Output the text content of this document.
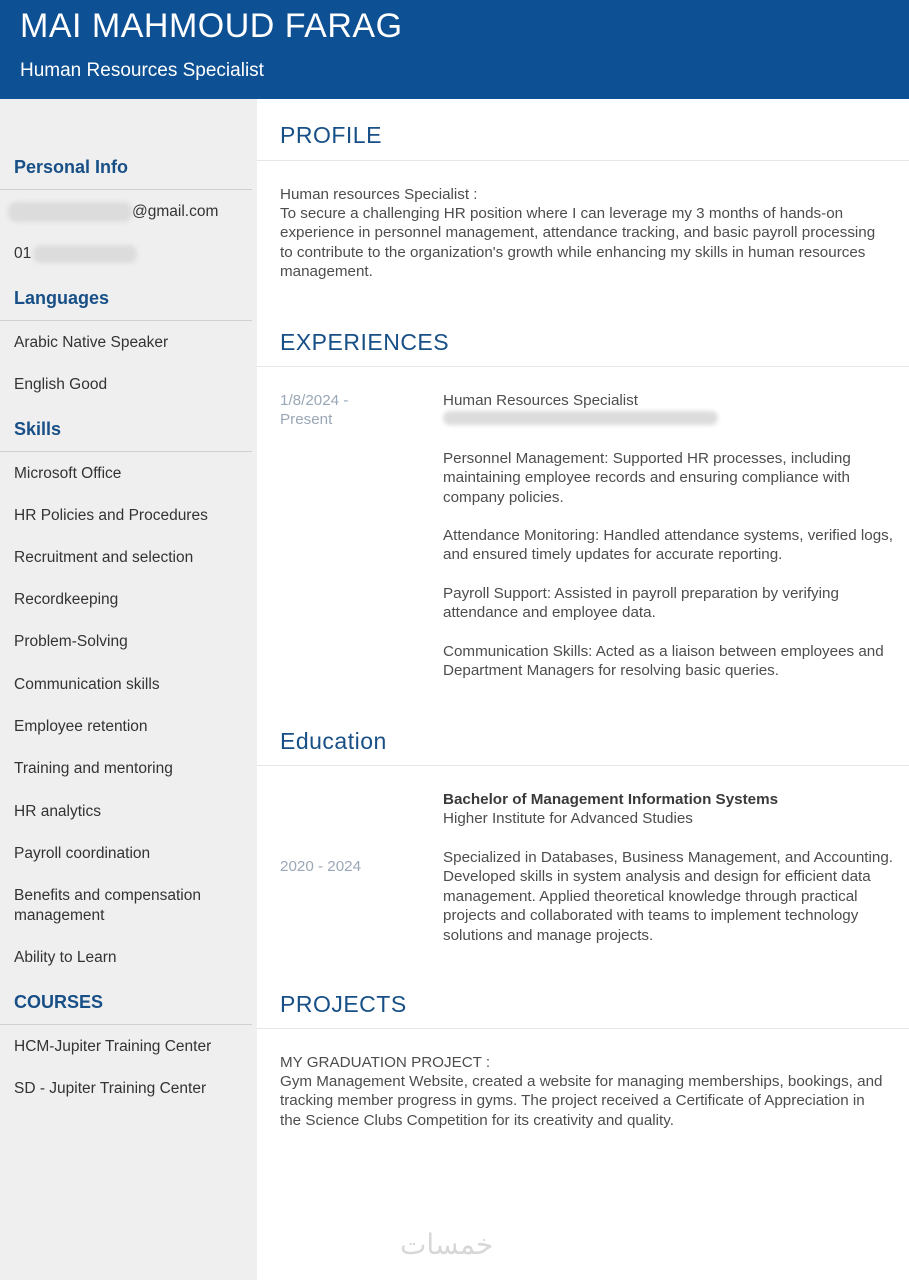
MAI MAHMOUD FARAG
Human Resources Specialist
Personal Info
@gmail.com
01
Languages
Arabic Native Speaker
English Good
Skills
Microsoft Office
HR Policies and Procedures
Recruitment and selection
Recordkeeping
Problem-Solving
Communication skills
Employee retention
Training and mentoring
HR analytics
Payroll coordination
Benefits and compensation management
Ability to Learn
COURSES
HCM-Jupiter Training Center
SD - Jupiter Training Center
PROFILE
Human resources Specialist :
To secure a challenging HR position where I can leverage my 3 months of hands-on experience in personnel management, attendance tracking, and basic payroll processing to contribute to the organization's growth while enhancing my skills in human resources management.
EXPERIENCES
1/8/2024 - Present
Human Resources Specialist
Personnel Management: Supported HR processes, including maintaining employee records and ensuring compliance with company policies.
Attendance Monitoring: Handled attendance systems, verified logs, and ensured timely updates for accurate reporting.
Payroll Support: Assisted in payroll preparation by verifying attendance and employee data.
Communication Skills: Acted as a liaison between employees and Department Managers for resolving basic queries.
Education
Bachelor of Management Information Systems
Higher Institute for Advanced Studies
2020 - 2024
Specialized in Databases, Business Management, and Accounting. Developed skills in system analysis and design for efficient data management. Applied theoretical knowledge through practical projects and collaborated with teams to implement technology solutions and manage projects.
PROJECTS
MY GRADUATION PROJECT :
Gym Management Website, created a website for managing memberships, bookings, and tracking member progress in gyms. The project received a Certificate of Appreciation in the Science Clubs Competition for its creativity and quality.
خمسات
